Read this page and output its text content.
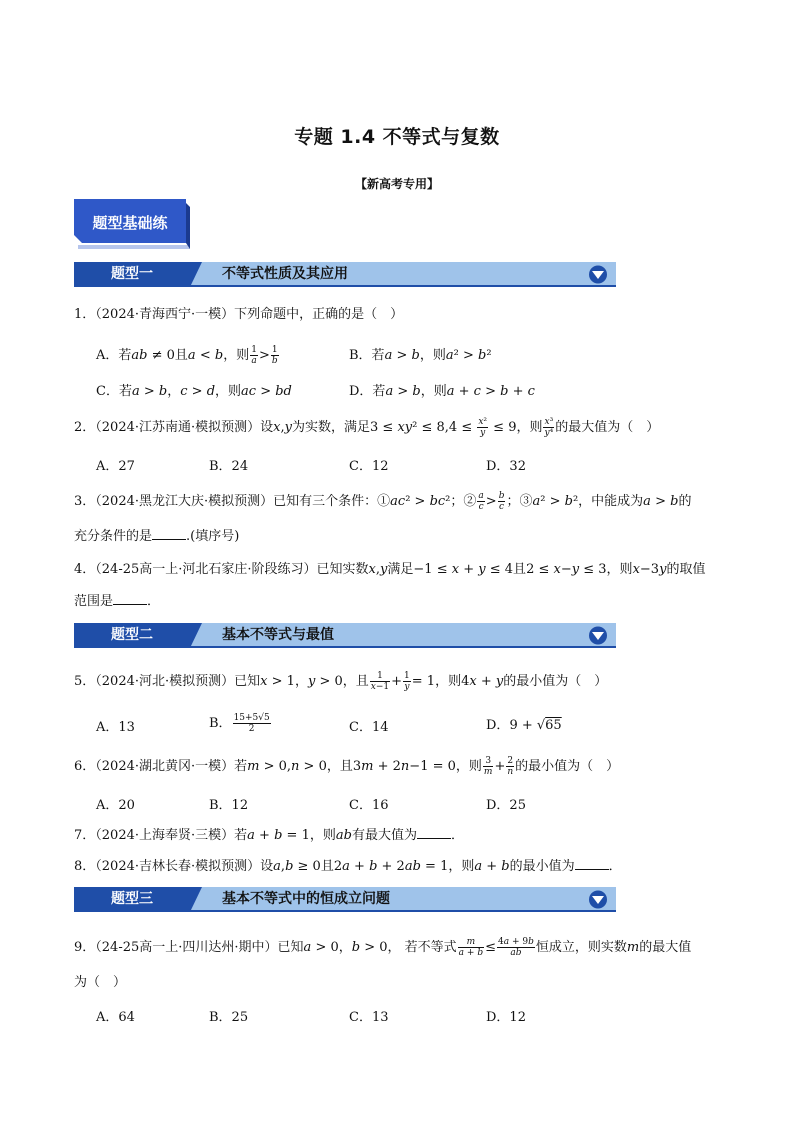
专题 1.4 不等式与复数
【新高考专用】
题型基础练
题型一	不等式性质及其应用
1．（2024·青海西宁·一模）下列命题中，正确的是（　）
A．若ab ≠ 0且a < b，则 $\frac{1}{a} > \frac{1}{b}$	B．若a > b，则a² > b²
C．若a > b，c > d，则ac > bd	D．若a > b，则a + c > b + c
2．（2024·江苏南通·模拟预测）设x,y为实数，满足$3 \le xy^2 \le 8,4 \le \frac{\text{x²}}{y} \le 9$，则 $\frac{\text{x³}}{\text{y⁴}}$ 的最大值为（　）
A．27	B．24	C．12	D．32
3．（2024·黑龙江大庆·模拟预测）已知有三个条件：①ac² > bc²；② $\frac{a}{c} > \frac{b}{c}$ ；③a² > b²，中能成为a > b的
充分条件的是	.(填序号)
4．（24-25高一上·河北石家庄·阶段练习）已知实数x,y满足−1 ≤ x + y ≤ 4且2 ≤ x−y ≤ 3，则x−3y的取值
范围是	．
题型二	基本不等式与最值
5．（2024·河北·模拟预测）已知x > 1，y > 0，且 $\frac{1}{x-1} + \frac{1}{y} = 1$，则4x + y的最小值为（　）
A．13	B． $\frac{15+5√5}{2}$	C．14	D．9 + √65
6．（2024·湖北黄冈·一模）若m > 0,n > 0，且3m + 2n−1 = 0，则 $\frac{3}{m} + \frac{2}{n}$ 的最小值为（　）
A．20	B．12	C．16	D．25
7．（2024·上海奉贤·三模）若a + b = 1，则ab有最大值为	．
8．（2024·吉林长春·模拟预测）设a,b ≥ 0且2a + b + 2ab = 1，则a + b的最小值为	．
题型三	基本不等式中的恒成立问题
9．（24-25高一上·四川达州·期中）已知a > 0，b > 0， 若不等式 $\frac{m}{a + b} \le \frac{4a + 9b}{ab}$ 恒成立，则实数m的最大值
为（　）
A．64	B．25	C．13	D．12
